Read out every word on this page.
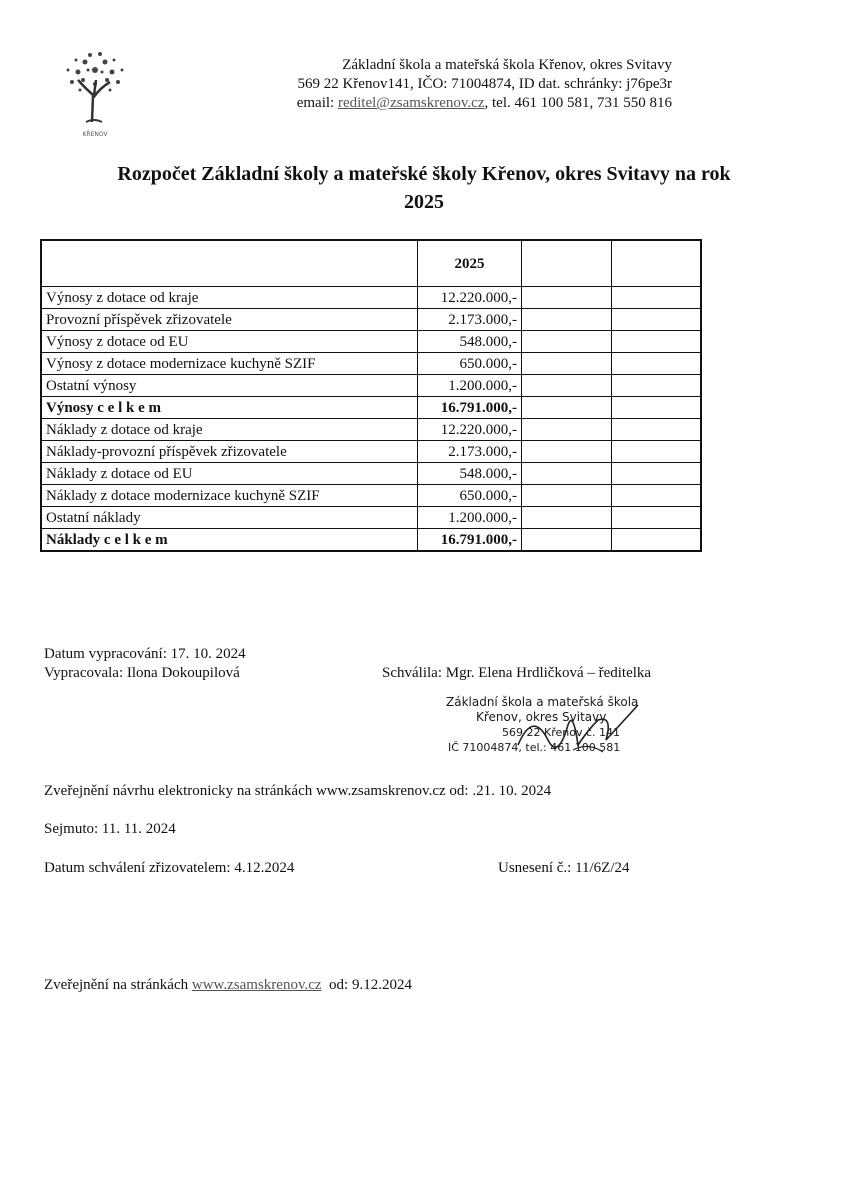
KŘENOV
Základní škola a mateřská škola Křenov, okres Svitavy
569 22 Křenov141, IČO: 71004874, ID dat. schránky: j76pe3r
email: reditel@zsamskrenov.cz, tel. 461 100 581, 731 550 816
Rozpočet Základní školy a mateřské školy Křenov, okres Svitavy na rok
2025
	2025		
Výnosy z dotace od kraje	12.220.000,-		
Provozní příspěvek zřizovatele	2.173.000,-		
Výnosy z dotace od EU	548.000,-		
Výnosy z dotace modernizace kuchyně SZIF	650.000,-		
Ostatní výnosy	1.200.000,-		
Výnosy c e l k e m	16.791.000,-		
Náklady z dotace od kraje	12.220.000,-		
Náklady-provozní příspěvek zřizovatele	2.173.000,-		
Náklady z dotace od EU	548.000,-		
Náklady z dotace modernizace kuchyně SZIF	650.000,-		
Ostatní náklady	1.200.000,-		
Náklady c e l k e m	16.791.000,-		
Datum vypracování: 17. 10. 2024
Vypracovala: Ilona Dokoupilová	Schválila: Mgr. Elena Hrdličková – ředitelka
Základní škola a mateřská škola
Křenov, okres Svitavy
569 22 Křenov č. 141
IČ 71004874, tel.: 461 100 581
Zveřejnění návrhu elektronicky na stránkách www.zsamskrenov.cz od: .21. 10. 2024
Sejmuto: 11. 11. 2024
Datum schválení zřizovatelem: 4.12.2024	Usnesení č.: 11/6Z/24
Zveřejnění na stránkách www.zsamskrenov.cz  od: 9.12.2024
